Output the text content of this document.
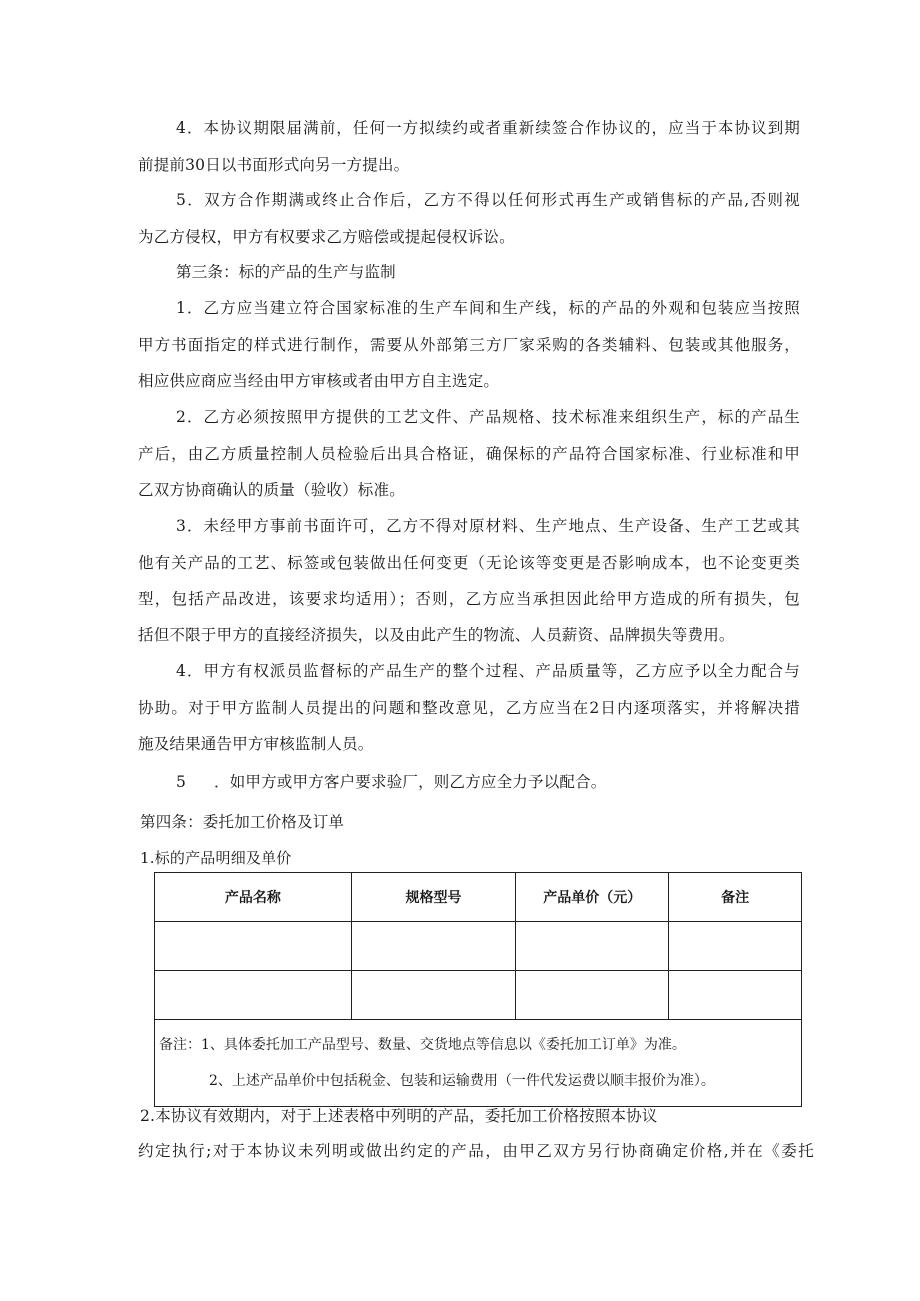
4．本协议期限届满前，任何一方拟续约或者重新续签合作协议的，应当于本协议到期
前提前30日以书面形式向另一方提出。
5．双方合作期满或终止合作后，乙方不得以任何形式再生产或销售标的产品,否则视
为乙方侵权，甲方有权要求乙方赔偿或提起侵权诉讼。
第三条：标的产品的生产与监制
1．乙方应当建立符合国家标准的生产车间和生产线，标的产品的外观和包装应当按照
甲方书面指定的样式进行制作，需要从外部第三方厂家采购的各类辅料、包装或其他服务，
相应供应商应当经由甲方审核或者由甲方自主选定。
2．乙方必须按照甲方提供的工艺文件、产品规格、技术标准来组织生产，标的产品生
产后，由乙方质量控制人员检验后出具合格证，确保标的产品符合国家标准、行业标准和甲
乙双方协商确认的质量（验收）标准。
3．未经甲方事前书面许可，乙方不得对原材料、生产地点、生产设备、生产工艺或其
他有关产品的工艺、标签或包装做出任何变更（无论该等变更是否影响成本，也不论变更类
型，包括产品改进，该要求均适用）；否则，乙方应当承担因此给甲方造成的所有损失，包
括但不限于甲方的直接经济损失，以及由此产生的物流、人员薪资、品牌损失等费用。
4．甲方有权派员监督标的产品生产的整个过程、产品质量等，乙方应予以全力配合与
协助。对于甲方监制人员提出的问题和整改意见，乙方应当在2日内逐项落实，并将解决措
施及结果通告甲方审核监制人员。
5 ．如甲方或甲方客户要求验厂，则乙方应全力予以配合。
第四条：委托加工价格及订单
1.标的产品明细及单价
产品名称	规格型号	产品单价（元）	备注

备注：1、具体委托加工产品型号、数量、交货地点等信息以《委托加工订单》为准。
2、上述产品单价中包括税金、包装和运输费用（一件代发运费以顺丰报价为准）。			
2.本协议有效期内，对于上述表格中列明的产品，委托加工价格按照本协议
约定执行;对于本协议未列明或做出约定的产品，由甲乙双方另行协商确定价格,并在《委托
